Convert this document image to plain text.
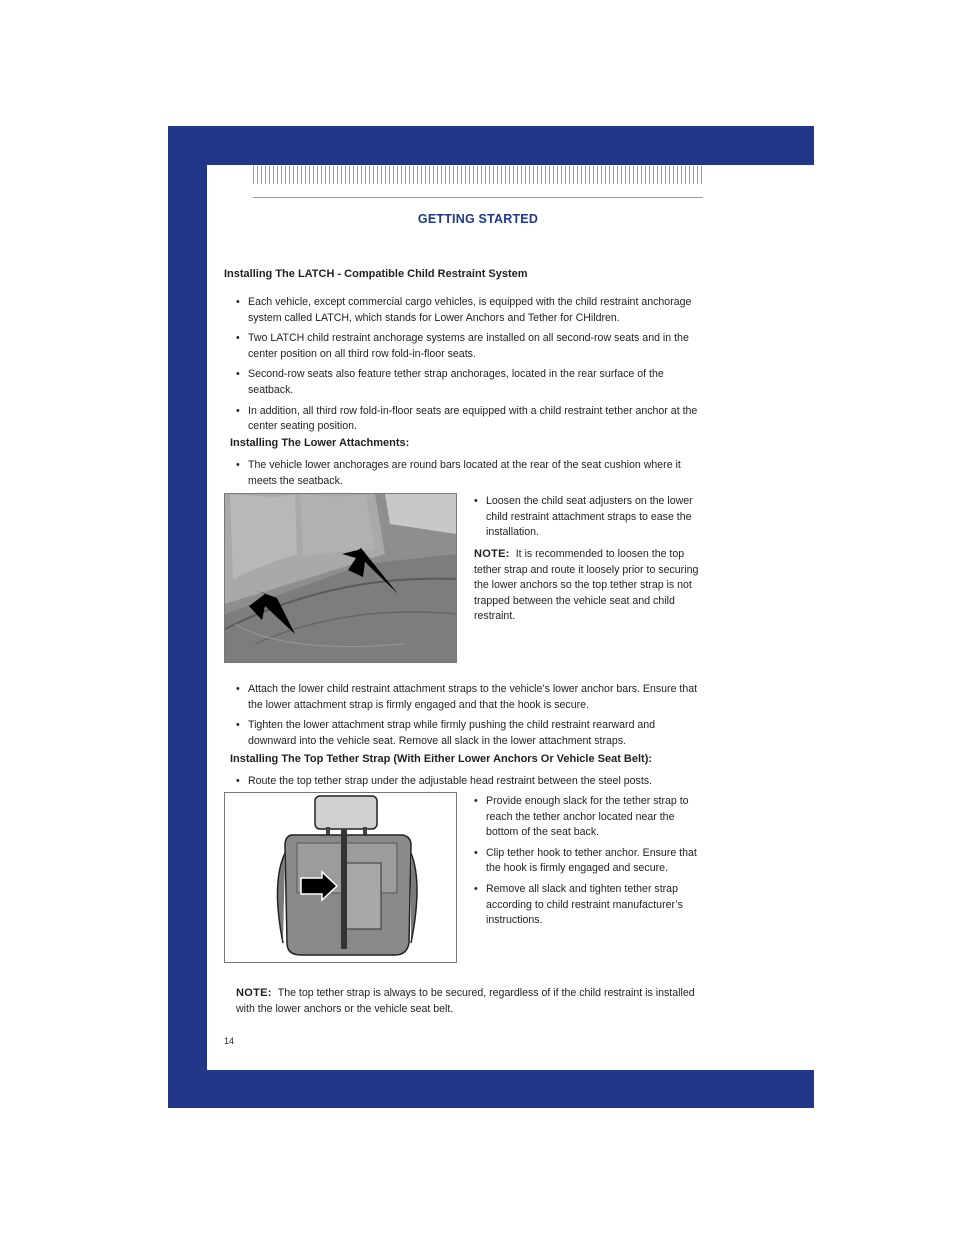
GETTING STARTED
Installing The LATCH - Compatible Child Restraint System
• Each vehicle, except commercial cargo vehicles, is equipped with the child restraint anchorage system called LATCH, which stands for Lower Anchors and Tether for CHildren.
• Two LATCH child restraint anchorage systems are installed on all second-row seats and in the center position on all third row fold-in-floor seats.
• Second-row seats also feature tether strap anchorages, located in the rear surface of the seatback.
• In addition, all third row fold-in-floor seats are equipped with a child restraint tether anchor at the center seating position.
Installing The Lower Attachments:
• The vehicle lower anchorages are round bars located at the rear of the seat cushion where it meets the seatback.
• Loosen the child seat adjusters on the lower child restraint attachment straps to ease the installation.

NOTE: It is recommended to loosen the top tether strap and route it loosely prior to securing the lower anchors so the top tether strap is not trapped between the vehicle seat and child restraint.

• Attach the lower child restraint attachment straps to the vehicle’s lower anchor bars. Ensure that the lower attachment strap is firmly engaged and that the hook is secure.
• Tighten the lower attachment strap while firmly pushing the child restraint rearward and downward into the vehicle seat. Remove all slack in the lower attachment straps.
Installing The Top Tether Strap (With Either Lower Anchors Or Vehicle Seat Belt):
• Route the top tether strap under the adjustable head restraint between the steel posts.
• Provide enough slack for the tether strap to reach the tether anchor located near the bottom of the seat back.
• Clip tether hook to tether anchor. Ensure that the hook is firmly engaged and secure.
• Remove all slack and tighten tether strap according to child restraint manufacturer’s instructions.

NOTE: The top tether strap is always to be secured, regardless of if the child restraint is installed with the lower anchors or the vehicle seat belt.

14
